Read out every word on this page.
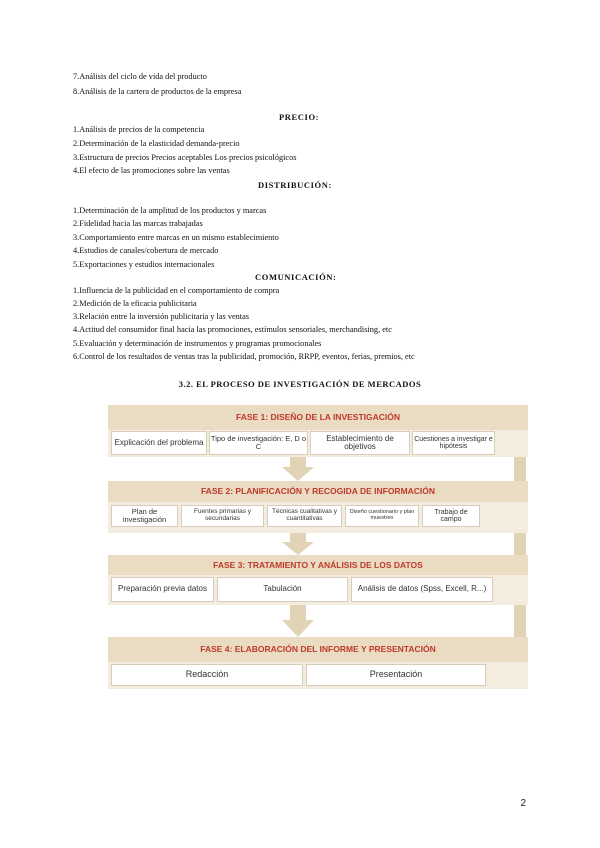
7.Análisis del ciclo de vida del producto
8.Análisis de la cartera de productos de la empresa
PRECIO:
1.Análisis de precios de la competencia
2.Determinación de la elasticidad demanda-precio
3.Estructura de precios Precios aceptables Los precios psicológicos
4.El efecto de las promociones sobre las ventas
DISTRIBUCIÓN:
1.Determinación de la amplitud de los productos y marcas
2.Fidelidad hacia las marcas trabajadas
3.Comportamiento entre marcas en un mismo establecimiento
4.Estudios de canales/cobertura de mercado
5.Exportaciones y estudios internacionales
COMUNICACIÓN:
1.Influencia de la publicidad en el comportamiento de compra
2.Medición de la eficacia publicitaria
3.Relación entre la inversión publicitaria y las ventas
4.Actitud del consumidor final hacia las promociones, estímulos sensoriales, merchandising, etc
5.Evaluación y determinación de instrumentos y programas promocionales
6.Control de los resultados de ventas tras la publicidad, promoción, RRPP, eventos, ferias, premios, etc
3.2. EL PROCESO DE INVESTIGACIÓN DE MERCADOS
FASE 1: DISEÑO DE LA INVESTIGACIÓN
Explicación del problema Tipo de investigación: E, D o C
Establecimiento de objetivos
Cuestiones a investigar e hipótesis
FASE 2: PLANIFICACIÓN Y RECOGIDA DE INFORMACIÓN
Plan de investigación
Fuentes primarias y secundarias
Técnicas cualitativas y cuantitativas
Diseño cuestionario y plan muestreo
Trabajo de campo
FASE 3: TRATAMIENTO Y ANÁLISIS DE LOS DATOS
Preparación previa datos	Tabulación	Análisis de datos (Spss, Excell, R...)
FASE 4: ELABORACIÓN DEL INFORME Y PRESENTACIÓN
Redacción	Presentación
2
